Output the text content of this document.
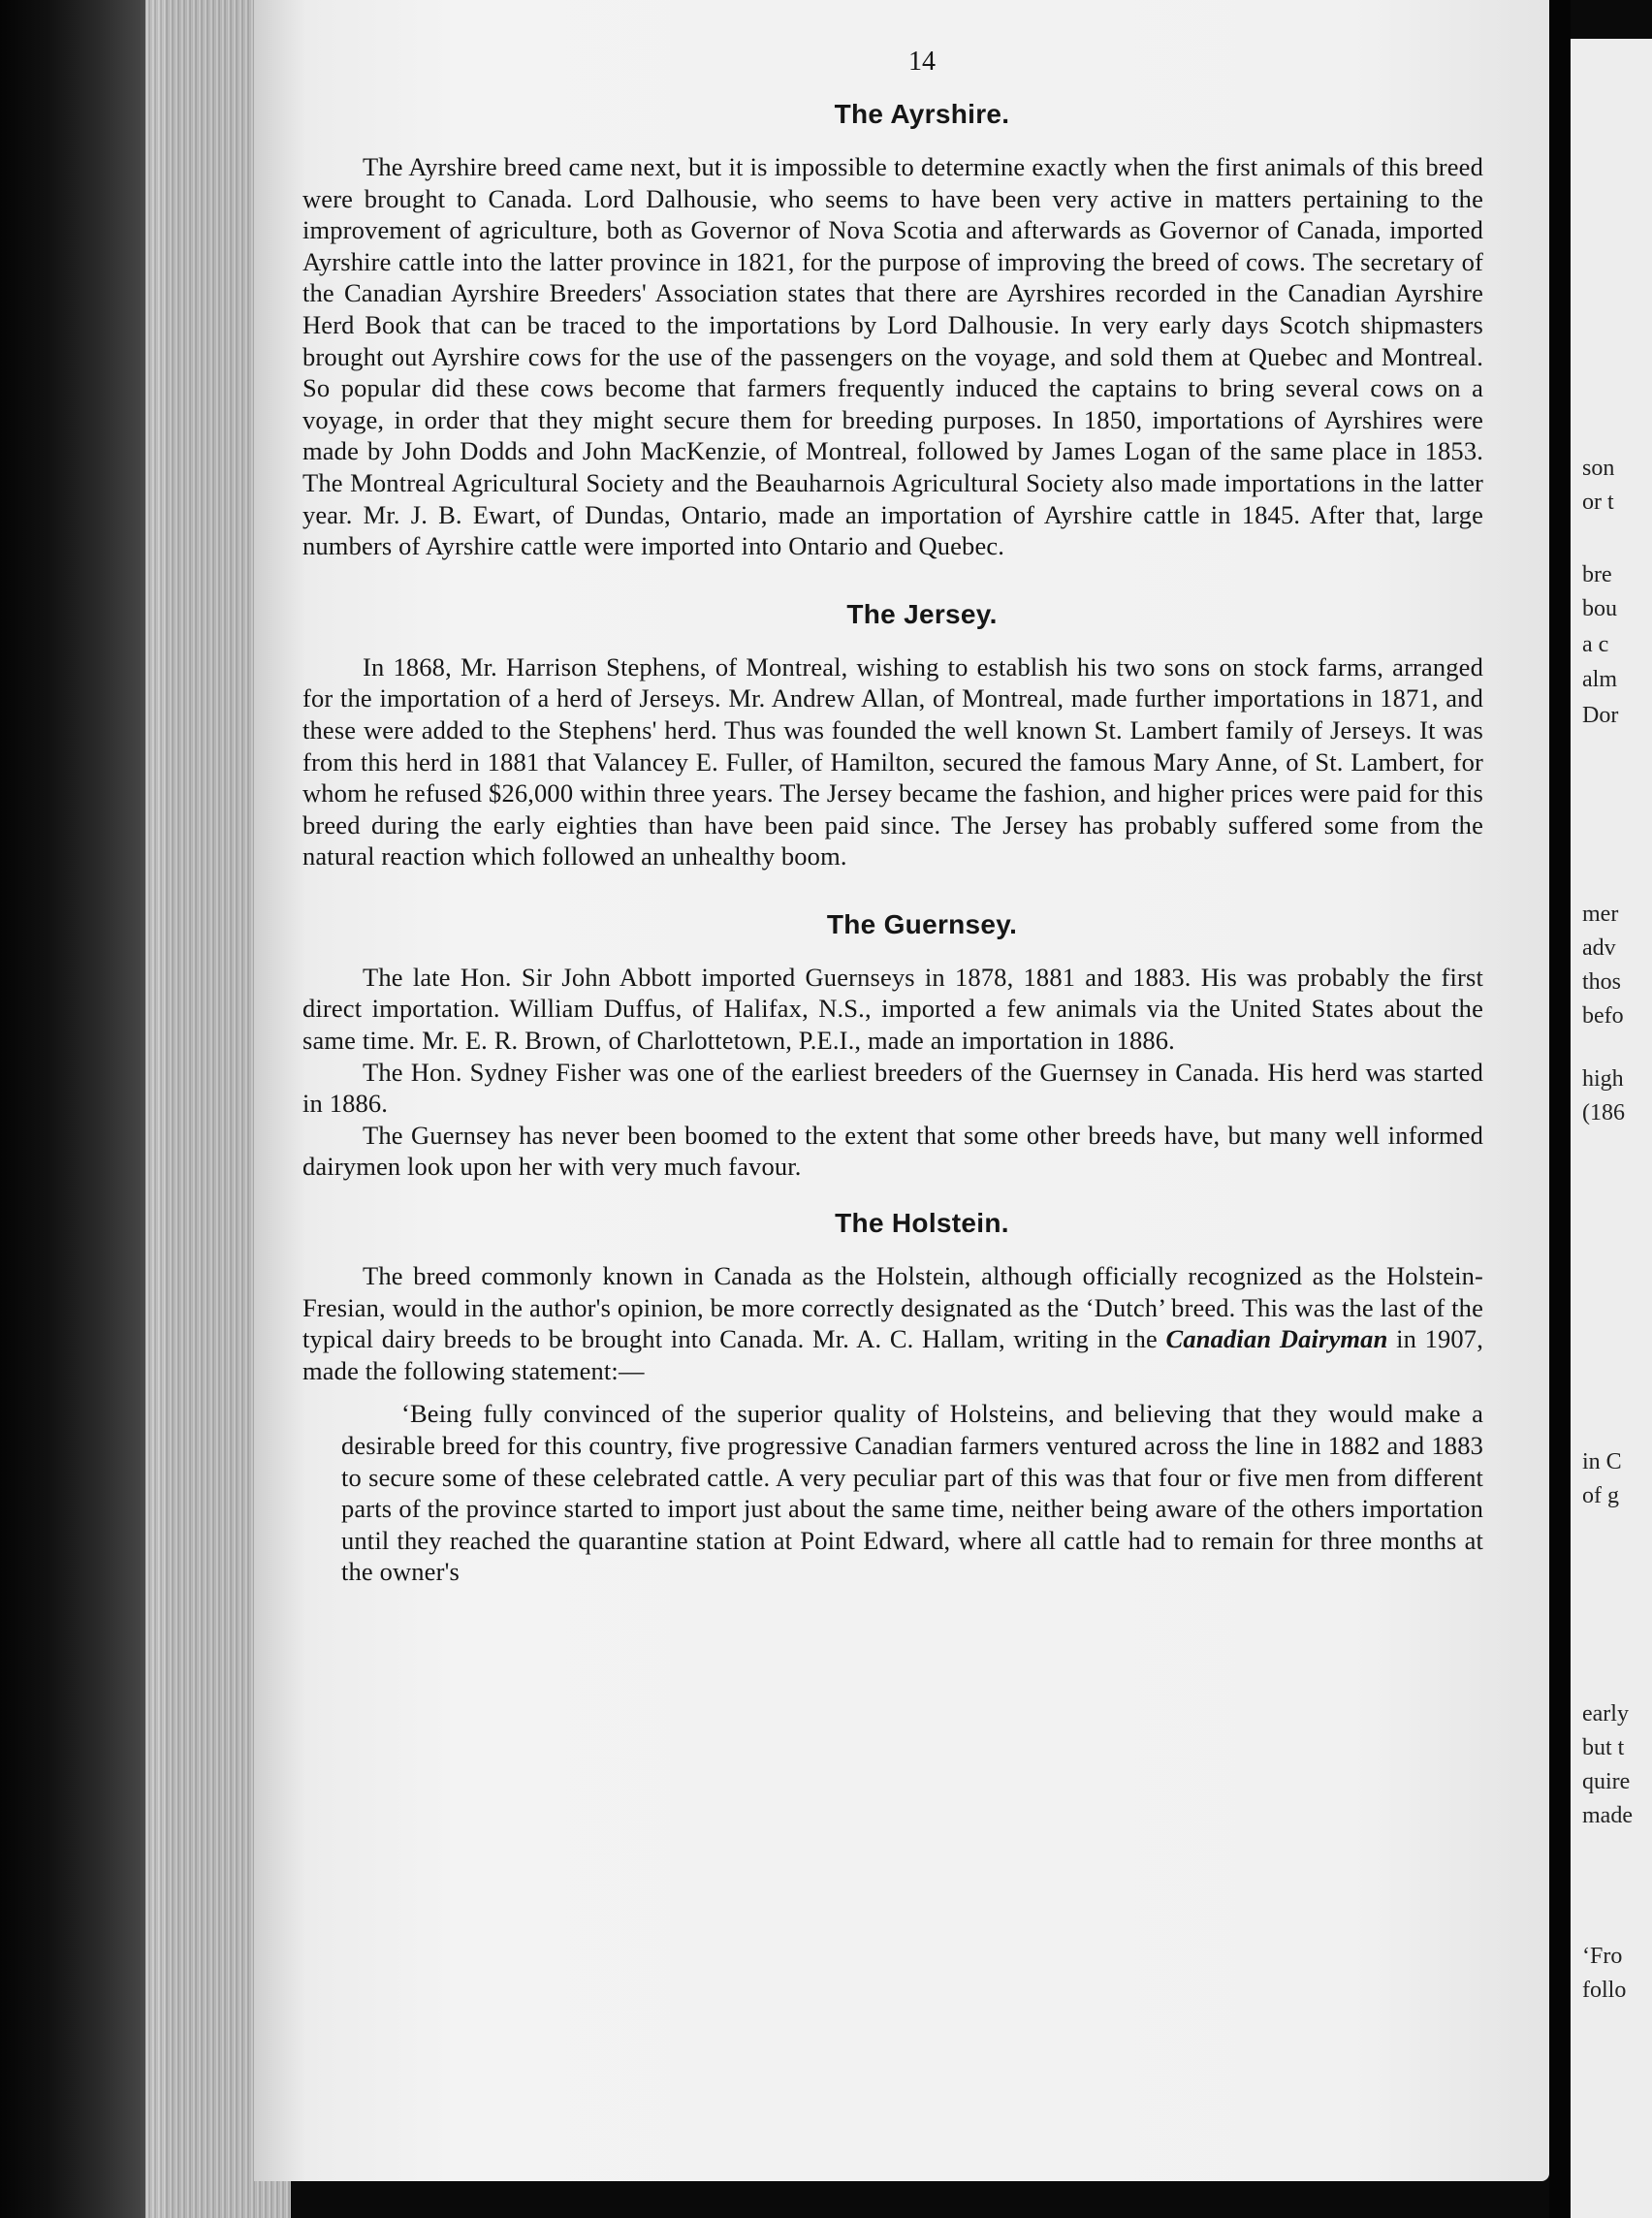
son
or t
bre
bou
a c
alm
Dor
mer
adv
thos
befo
high
(186
in C
of g
early
but t
quire
made
‘Fro
follo
14
The Ayrshire.

The Ayrshire breed came next, but it is impossible to determine exactly when the first animals of this breed were brought to Canada. Lord Dalhousie, who seems to have been very active in matters pertaining to the improvement of agriculture, both as Governor of Nova Scotia and afterwards as Governor of Canada, imported Ayrshire cattle into the latter province in 1821, for the purpose of improving the breed of cows. The secretary of the Canadian Ayrshire Breeders' Association states that there are Ayrshires recorded in the Canadian Ayrshire Herd Book that can be traced to the importations by Lord Dalhousie. In very early days Scotch shipmasters brought out Ayrshire cows for the use of the passengers on the voyage, and sold them at Quebec and Montreal. So popular did these cows become that farmers frequently induced the captains to bring several cows on a voyage, in order that they might secure them for breeding purposes. In 1850, importations of Ayrshires were made by John Dodds and John MacKenzie, of Montreal, followed by James Logan of the same place in 1853. The Montreal Agricultural Society and the Beauharnois Agricultural Society also made importations in the latter year. Mr. J. B. Ewart, of Dundas, Ontario, made an importation of Ayrshire cattle in 1845. After that, large numbers of Ayrshire cattle were imported into Ontario and Quebec.

The Jersey.

In 1868, Mr. Harrison Stephens, of Montreal, wishing to establish his two sons on stock farms, arranged for the importation of a herd of Jerseys. Mr. Andrew Allan, of Montreal, made further importations in 1871, and these were added to the Stephens' herd. Thus was founded the well known St. Lambert family of Jerseys. It was from this herd in 1881 that Valancey E. Fuller, of Hamilton, secured the famous Mary Anne, of St. Lambert, for whom he refused $26,000 within three years. The Jersey became the fashion, and higher prices were paid for this breed during the early eighties than have been paid since. The Jersey has probably suffered some from the natural reaction which followed an unhealthy boom.

The Guernsey.

The late Hon. Sir John Abbott imported Guernseys in 1878, 1881 and 1883. His was probably the first direct importation. William Duffus, of Halifax, N.S., imported a few animals via the United States about the same time. Mr. E. R. Brown, of Charlottetown, P.E.I., made an importation in 1886.

The Hon. Sydney Fisher was one of the earliest breeders of the Guernsey in Canada. His herd was started in 1886.

The Guernsey has never been boomed to the extent that some other breeds have, but many well informed dairymen look upon her with very much favour.

The Holstein.

The breed commonly known in Canada as the Holstein, although officially recognized as the Holstein-Fresian, would in the author's opinion, be more correctly designated as the ‘Dutch’ breed. This was the last of the typical dairy breeds to be brought into Canada. Mr. A. C. Hallam, writing in the Canadian Dairyman in 1907, made the following statement:—

‘Being fully convinced of the superior quality of Holsteins, and believing that they would make a desirable breed for this country, five progressive Canadian farmers ventured across the line in 1882 and 1883 to secure some of these celebrated cattle. A very peculiar part of this was that four or five men from different parts of the province started to import just about the same time, neither being aware of the others importation until they reached the quarantine station at Point Edward, where all cattle had to remain for three months at the owner's
